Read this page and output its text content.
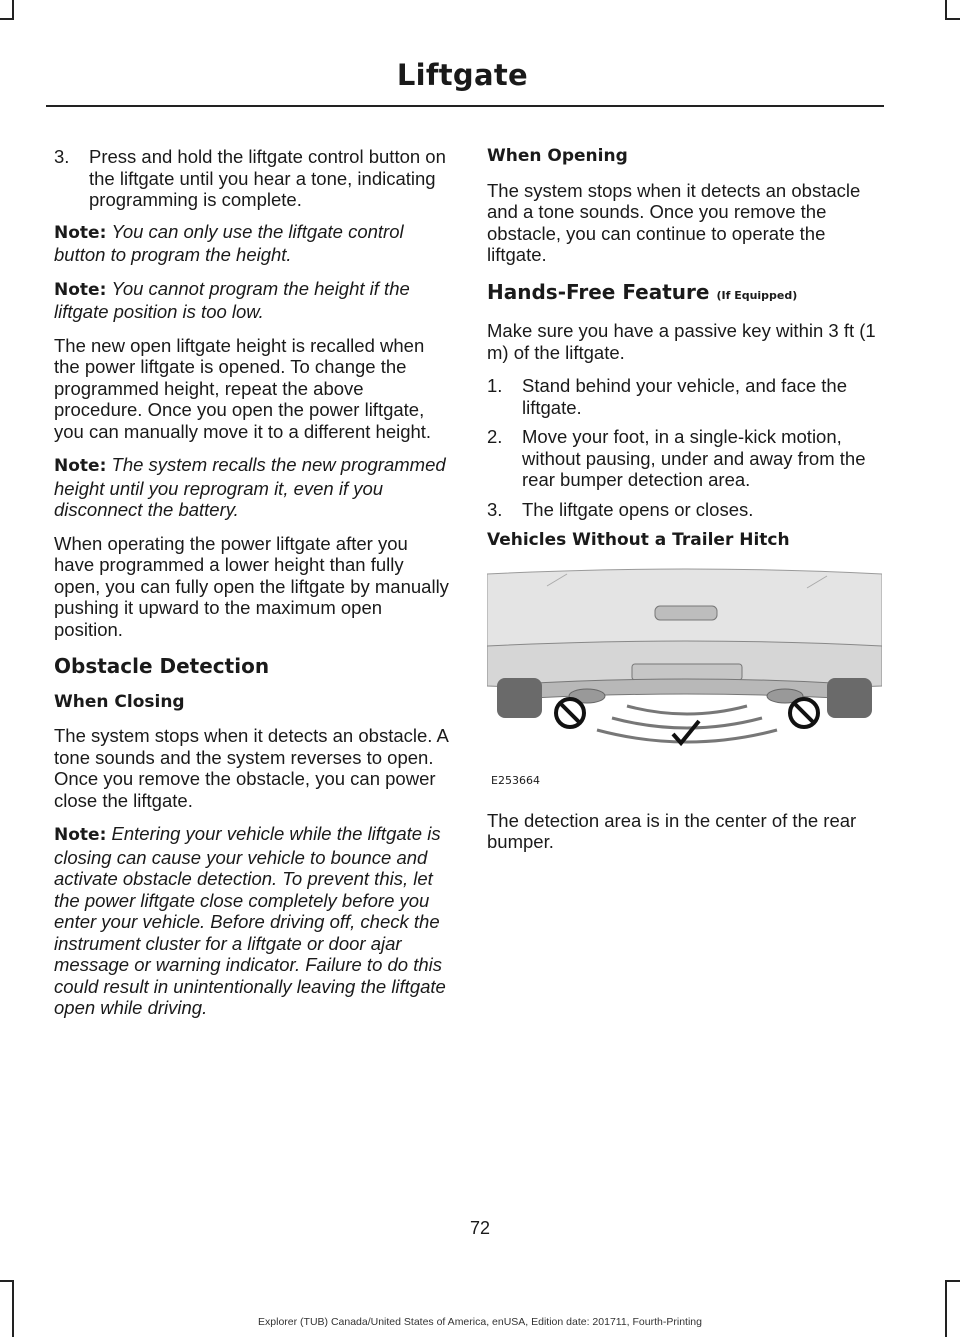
Liftgate
3. Press and hold the liftgate control button on the liftgate until you hear a tone, indicating programming is complete.

Note: You can only use the liftgate control button to program the height.

Note: You cannot program the height if the liftgate position is too low.

The new open liftgate height is recalled when the power liftgate is opened. To change the programmed height, repeat the above procedure. Once you open the power liftgate, you can manually move it to a different height.

Note: The system recalls the new programmed height until you reprogram it, even if you disconnect the battery.

When operating the power liftgate after you have programmed a lower height than fully open, you can fully open the liftgate by manually pushing it upward to the maximum open position.

Obstacle Detection
When Closing

The system stops when it detects an obstacle. A tone sounds and the system reverses to open. Once you remove the obstacle, you can power close the liftgate.

Note: Entering your vehicle while the liftgate is closing can cause your vehicle to bounce and activate obstacle detection. To prevent this, let the power liftgate close completely before you enter your vehicle. Before driving off, check the instrument cluster for a liftgate or door ajar message or warning indicator. Failure to do this could result in unintentionally leaving the liftgate open while driving.

When Opening

The system stops when it detects an obstacle and a tone sounds. Once you remove the obstacle, you can continue to operate the liftgate.

Hands-Free Feature (If Equipped)

Make sure you have a passive key within 3 ft (1 m) of the liftgate.

1. Stand behind your vehicle, and face the liftgate.
2. Move your foot, in a single-kick motion, without pausing, under and away from the rear bumper detection area.
3. The liftgate opens or closes.
Vehicles Without a Trailer Hitch
E253664

The detection area is in the center of the rear bumper.

72
Explorer (TUB) Canada/United States of America, enUSA, Edition date: 201711, Fourth-Printing
